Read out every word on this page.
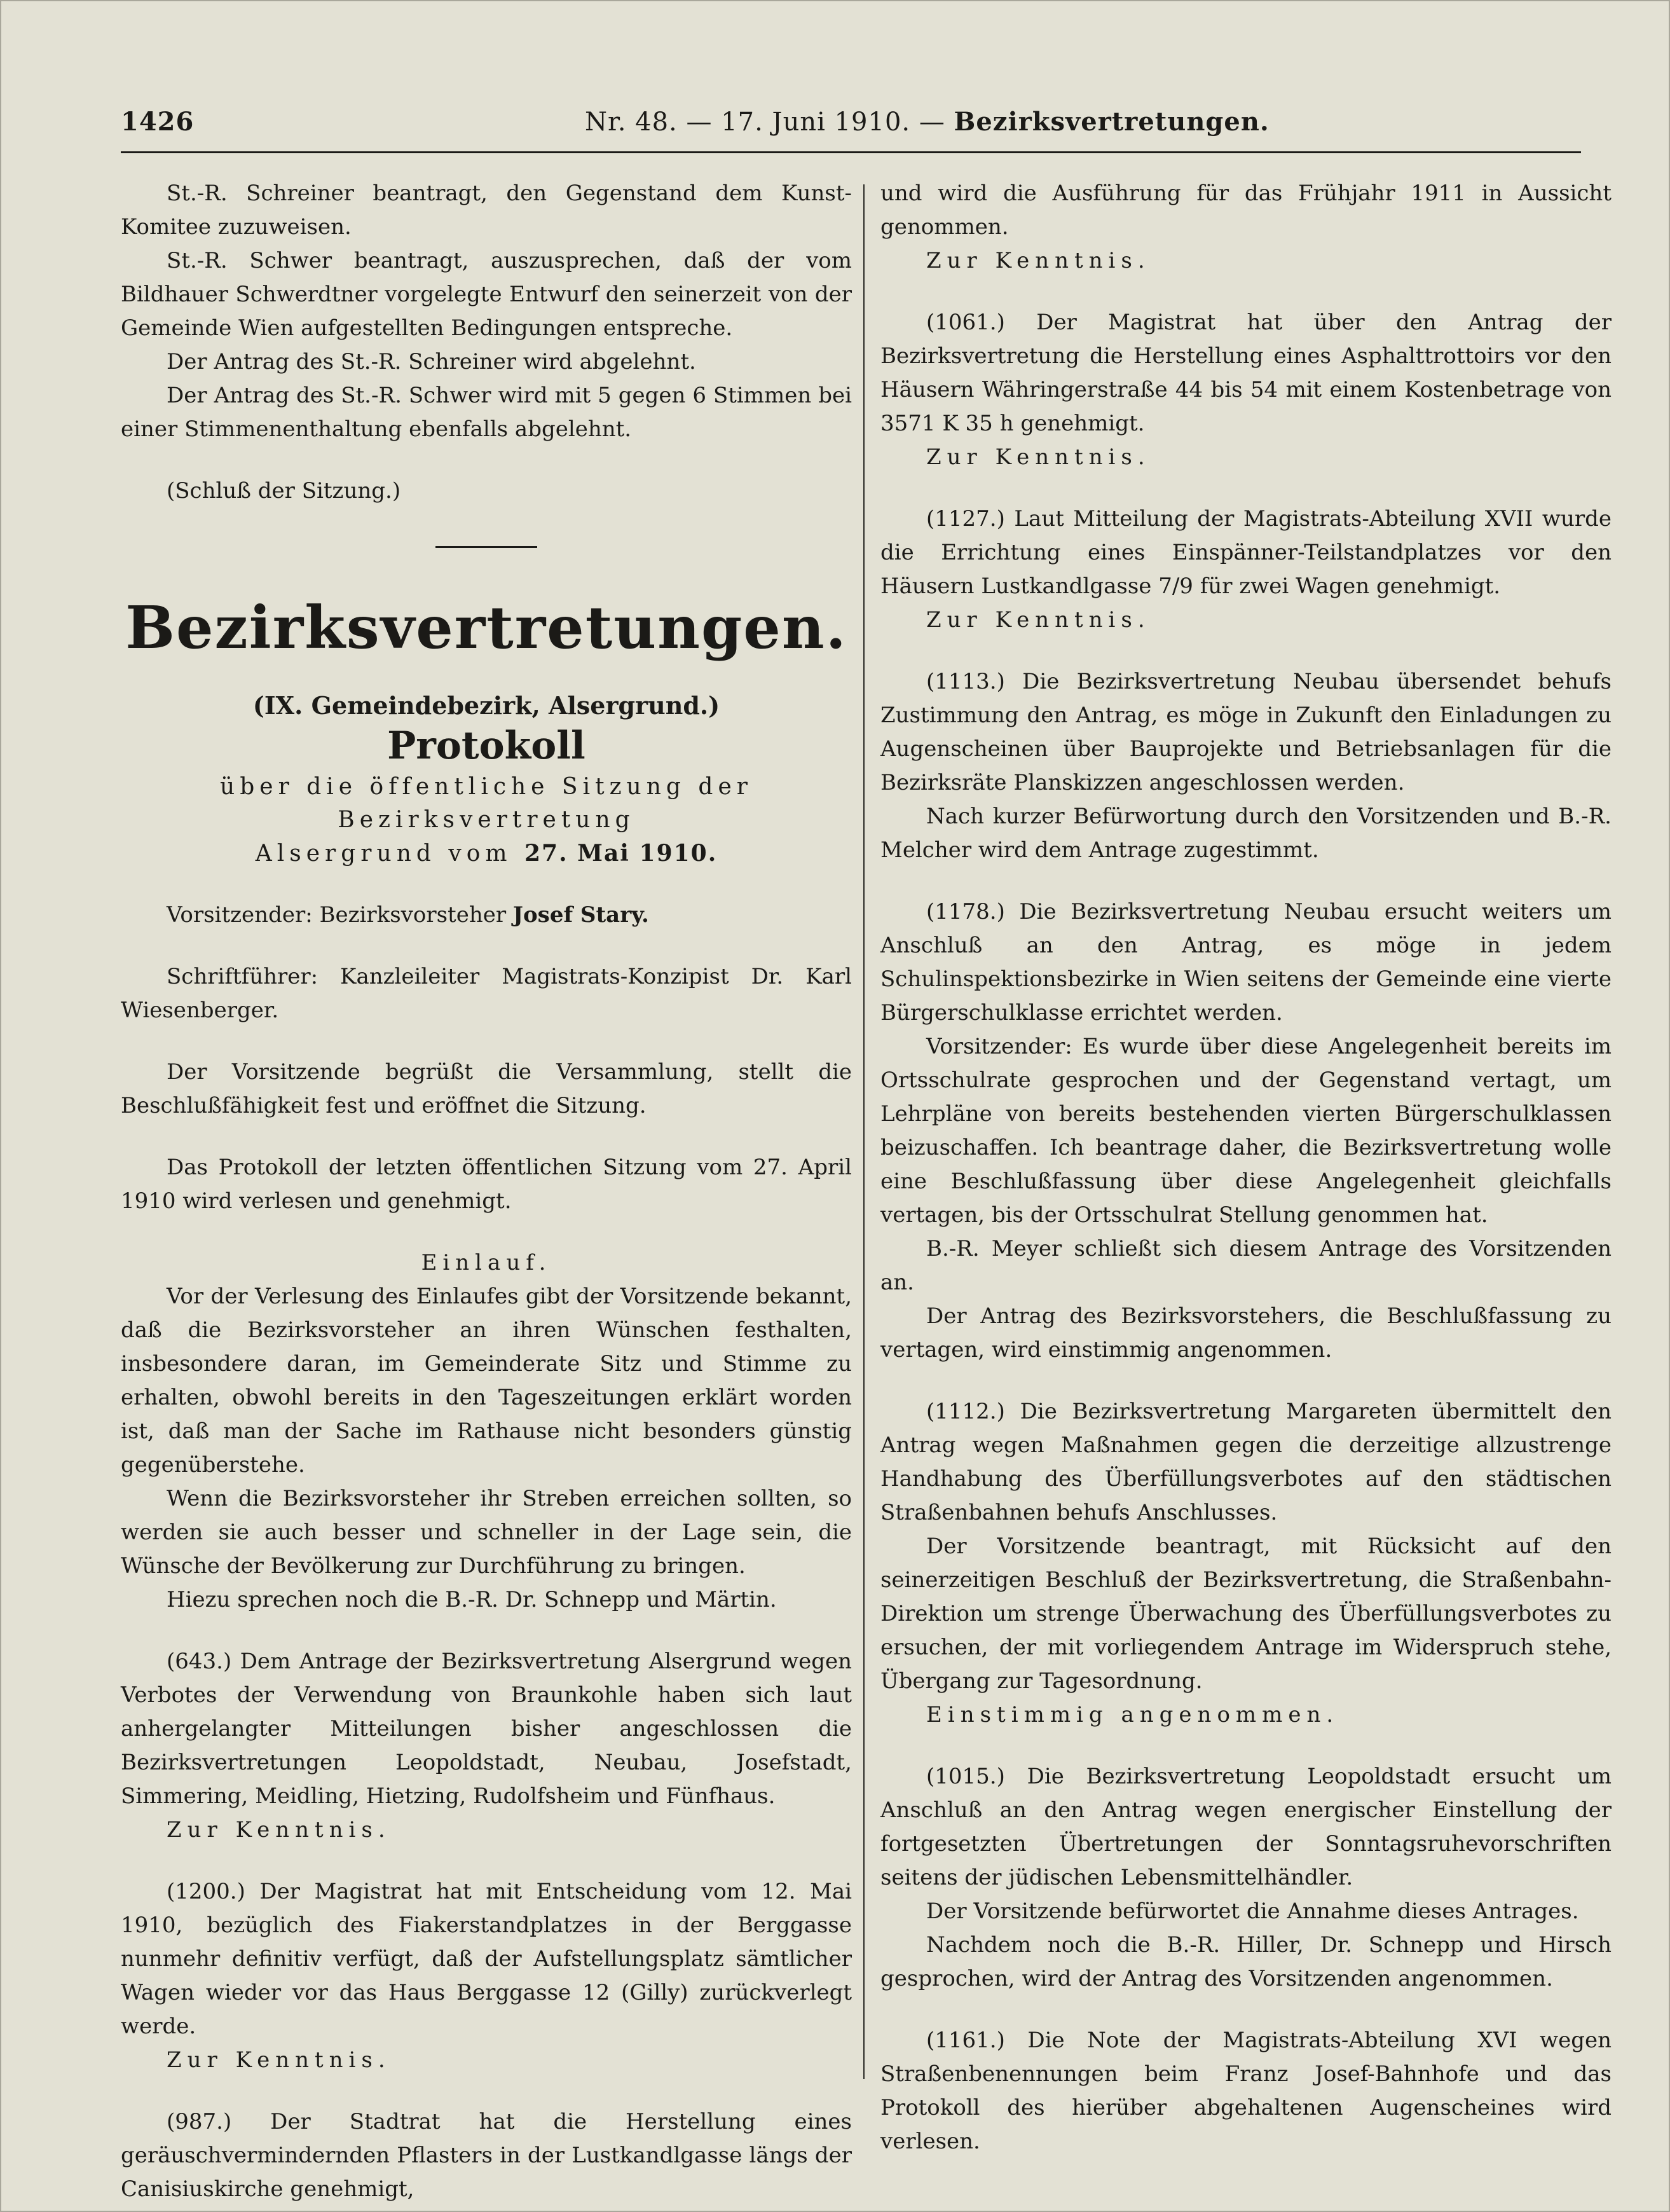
1426	Nr. 48. — 17. Juni 1910. — Bezirksvertretungen.

St.-R. Schreiner beantragt, den Gegenstand dem Kunst-Komitee zuzuweisen.

St.-R. Schwer beantragt, auszusprechen, daß der vom Bildhauer Schwerdtner vorgelegte Entwurf den seinerzeit von der Gemeinde Wien aufgestellten Bedingungen entspreche.

Der Antrag des St.-R. Schreiner wird abgelehnt.

Der Antrag des St.-R. Schwer wird mit 5 gegen 6 Stimmen bei einer Stimmenenthaltung ebenfalls abgelehnt.

(Schluß der Sitzung.)

Bezirksvertretungen.
(IX. Gemeindebezirk, Alsergrund.)
Protokoll
über die öffentliche Sitzung der Bezirksvertretung
Alsergrund vom 27. Mai 1910.

Vorsitzender: Bezirksvorsteher Josef Stary.

Schriftführer: Kanzleileiter Magistrats-Konzipist Dr. Karl Wiesenberger.

Der Vorsitzende begrüßt die Versammlung, stellt die Beschlußfähigkeit fest und eröffnet die Sitzung.

Das Protokoll der letzten öffentlichen Sitzung vom 27. April 1910 wird verlesen und genehmigt.

Einlauf.

Vor der Verlesung des Einlaufes gibt der Vorsitzende bekannt, daß die Bezirksvorsteher an ihren Wünschen festhalten, insbesondere daran, im Gemeinderate Sitz und Stimme zu erhalten, obwohl bereits in den Tageszeitungen erklärt worden ist, daß man der Sache im Rathause nicht besonders günstig gegenüberstehe.

Wenn die Bezirksvorsteher ihr Streben erreichen sollten, so werden sie auch besser und schneller in der Lage sein, die Wünsche der Bevölkerung zur Durchführung zu bringen.

Hiezu sprechen noch die B.-R. Dr. Schnepp und Märtin.

(643.) Dem Antrage der Bezirksvertretung Alsergrund wegen Verbotes der Verwendung von Braunkohle haben sich laut anhergelangter Mitteilungen bisher angeschlossen die Bezirksvertretungen Leopoldstadt, Neubau, Josefstadt, Simmering, Meidling, Hietzing, Rudolfsheim und Fünfhaus.

Zur Kenntnis.

(1200.) Der Magistrat hat mit Entscheidung vom 12. Mai 1910, bezüglich des Fiakerstandplatzes in der Berggasse nunmehr definitiv verfügt, daß der Aufstellungsplatz sämtlicher Wagen wieder vor das Haus Berggasse 12 (Gilly) zurückverlegt werde.

Zur Kenntnis.

(987.) Der Stadtrat hat die Herstellung eines geräuschvermindernden Pflasters in der Lustkandlgasse längs der Canisiuskirche genehmigt,

und wird die Ausführung für das Frühjahr 1911 in Aussicht genommen.

Zur Kenntnis.

(1061.) Der Magistrat hat über den Antrag der Bezirksvertretung die Herstellung eines Asphalttrottoirs vor den Häusern Währingerstraße 44 bis 54 mit einem Kostenbetrage von 3571 K 35 h genehmigt.

Zur Kenntnis.

(1127.) Laut Mitteilung der Magistrats-Abteilung XVII wurde die Errichtung eines Einspänner-Teilstandplatzes vor den Häusern Lustkandlgasse 7/9 für zwei Wagen genehmigt.

Zur Kenntnis.

(1113.) Die Bezirksvertretung Neubau übersendet behufs Zustimmung den Antrag, es möge in Zukunft den Einladungen zu Augenscheinen über Bauprojekte und Betriebsanlagen für die Bezirksräte Planskizzen angeschlossen werden.

Nach kurzer Befürwortung durch den Vorsitzenden und B.-R. Melcher wird dem Antrage zugestimmt.

(1178.) Die Bezirksvertretung Neubau ersucht weiters um Anschluß an den Antrag, es möge in jedem Schulinspektionsbezirke in Wien seitens der Gemeinde eine vierte Bürgerschulklasse errichtet werden.

Vorsitzender: Es wurde über diese Angelegenheit bereits im Ortsschulrate gesprochen und der Gegenstand vertagt, um Lehrpläne von bereits bestehenden vierten Bürgerschulklassen beizuschaffen. Ich beantrage daher, die Bezirksvertretung wolle eine Beschlußfassung über diese Angelegenheit gleichfalls vertagen, bis der Ortsschulrat Stellung genommen hat.

B.-R. Meyer schließt sich diesem Antrage des Vorsitzenden an.

Der Antrag des Bezirksvorstehers, die Beschlußfassung zu vertagen, wird einstimmig angenommen.

(1112.) Die Bezirksvertretung Margareten übermittelt den Antrag wegen Maßnahmen gegen die derzeitige allzustrenge Handhabung des Überfüllungsverbotes auf den städtischen Straßenbahnen behufs Anschlusses.

Der Vorsitzende beantragt, mit Rücksicht auf den seinerzeitigen Beschluß der Bezirksvertretung, die Straßenbahn-Direktion um strenge Überwachung des Überfüllungsverbotes zu ersuchen, der mit vorliegendem Antrage im Widerspruch stehe, Übergang zur Tagesordnung.

Einstimmig angenommen.

(1015.) Die Bezirksvertretung Leopoldstadt ersucht um Anschluß an den Antrag wegen energischer Einstellung der fortgesetzten Übertretungen der Sonntagsruhevorschriften seitens der jüdischen Lebensmittelhändler.

Der Vorsitzende befürwortet die Annahme dieses Antrages.

Nachdem noch die B.-R. Hiller, Dr. Schnepp und Hirsch gesprochen, wird der Antrag des Vorsitzenden angenommen.

(1161.) Die Note der Magistrats-Abteilung XVI wegen Straßenbenennungen beim Franz Josef-Bahnhofe und das Protokoll des hierüber abgehaltenen Augenscheines wird verlesen.
